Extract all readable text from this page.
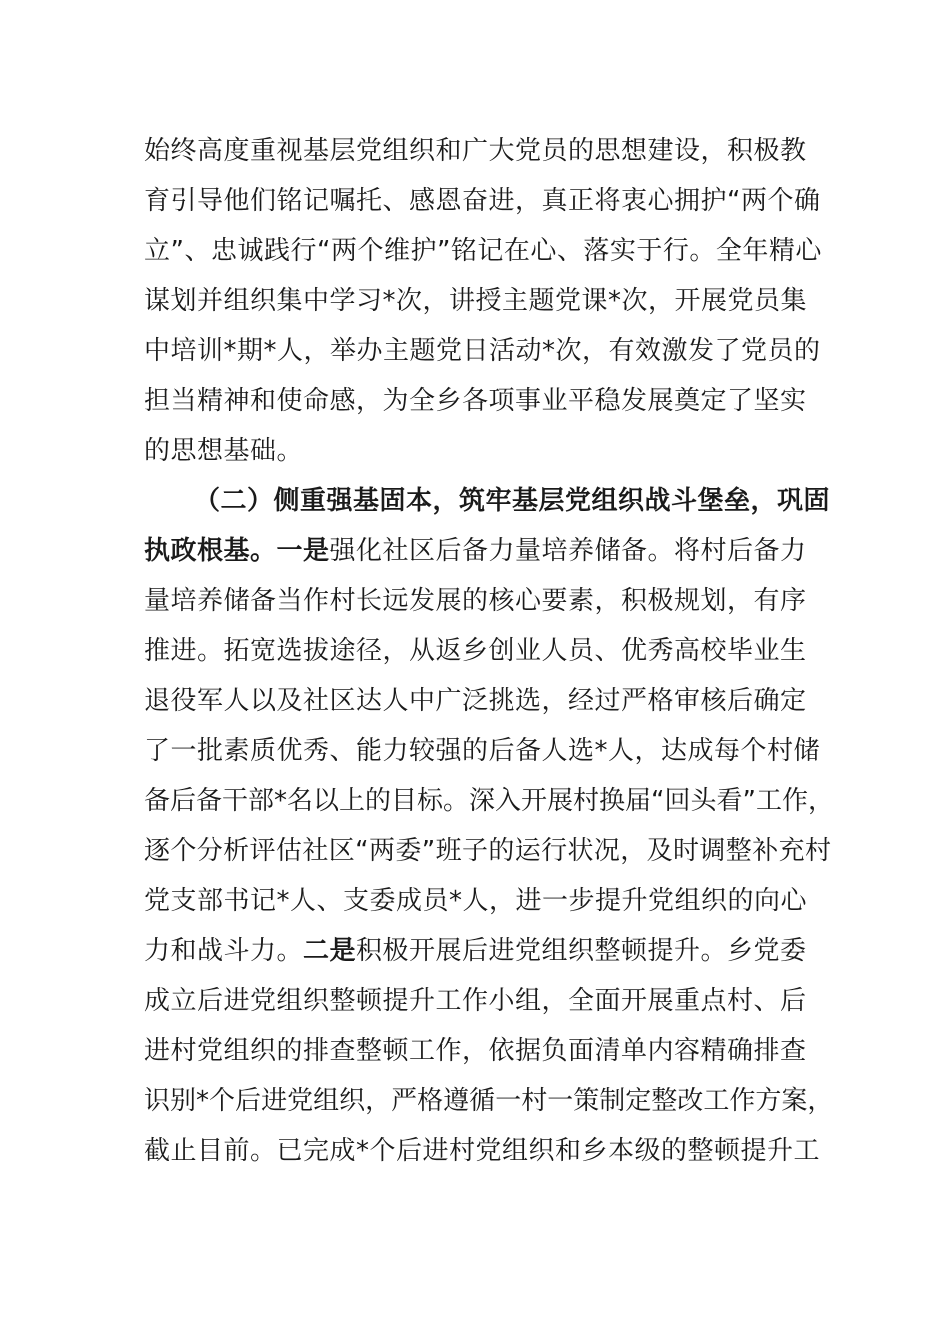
始终高度重视基层党组织和广大党员的思想建设，积极教
育引导他们铭记嘱托、感恩奋进，真正将衷心拥护“两个确
立”、忠诚践行“两个维护”铭记在心、落实于行。全年精心
谋划并组织集中学习*次，讲授主题党课*次，开展党员集
中培训*期*人，举办主题党日活动*次，有效激发了党员的
担当精神和使命感，为全乡各项事业平稳发展奠定了坚实
的思想基础。
（二）侧重强基固本，筑牢基层党组织战斗堡垒，巩固
执政根基。一是强化社区后备力量培养储备。将村后备力
量培养储备当作村长远发展的核心要素，积极规划，有序
推进。拓宽选拔途径，从返乡创业人员、优秀高校毕业生
退役军人以及社区达人中广泛挑选，经过严格审核后确定
了一批素质优秀、能力较强的后备人选*人，达成每个村储
备后备干部*名以上的目标。深入开展村换届“回头看”工作，
逐个分析评估社区“两委”班子的运行状况，及时调整补充村
党支部书记*人、支委成员*人，进一步提升党组织的向心
力和战斗力。二是积极开展后进党组织整顿提升。乡党委
成立后进党组织整顿提升工作小组，全面开展重点村、后
进村党组织的排查整顿工作，依据负面清单内容精确排查
识别*个后进党组织，严格遵循一村一策制定整改工作方案，
截止目前。已完成*个后进村党组织和乡本级的整顿提升工
